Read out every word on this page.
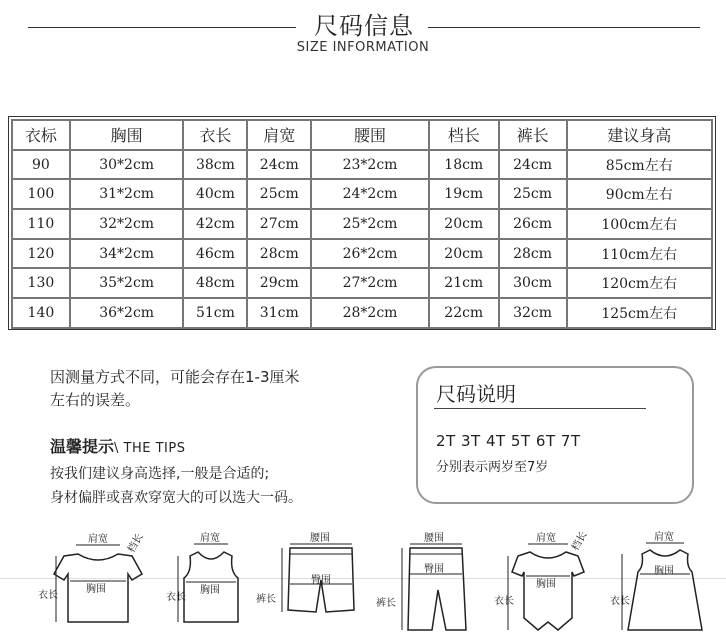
尺码信息
SIZE INFORMATION
衣标	胸围	衣长	肩宽	腰围	档长	裤长	建议身高
90	30*2cm	38cm	24cm	23*2cm	18cm	24cm	85cm左右
100	31*2cm	40cm	25cm	24*2cm	19cm	25cm	90cm左右
110	32*2cm	42cm	27cm	25*2cm	20cm	26cm	100cm左右
120	34*2cm	46cm	28cm	26*2cm	20cm	28cm	110cm左右
130	35*2cm	48cm	29cm	27*2cm	21cm	30cm	120cm左右
140	36*2cm	51cm	31cm	28*2cm	22cm	32cm	125cm左右
因测量方式不同，可能会存在1-3厘米
左右的误差。
温馨提示\ THE TIPS
按我们建议身高选择,一般是合适的;
身材偏胖或喜欢穿宽大的可以选大一码。
尺码说明
2T 3T 4T 5T 6T 7T
分别表示两岁至7岁
肩宽
胸围
衣长
档长	肩宽
胸围
衣长
腰围
臀围
裤长
腰围
臀围
裤长
肩宽
胸围
衣长
档长	肩宽
胸围
衣长
